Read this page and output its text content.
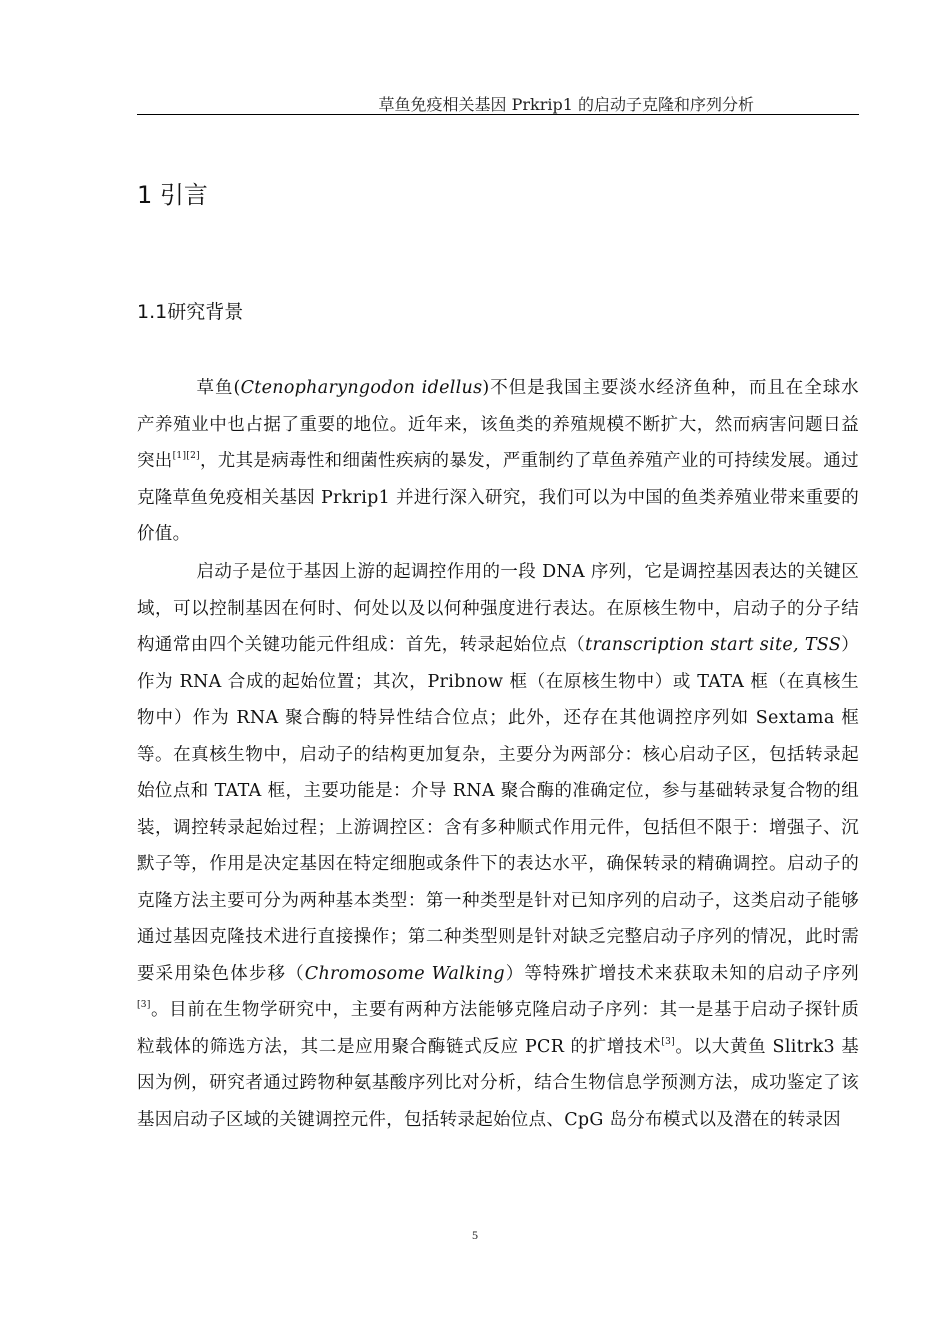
草鱼免疫相关基因 Prkrip1 的启动子克隆和序列分析
1 引言
1.1研究背景

草鱼(Ctenopharyngodon idellus)不但是我国主要淡水经济鱼种，而且在全球水产养殖业中也占据了重要的地位。近年来，该鱼类的养殖规模不断扩大，然而病害问题日益突出[1][2]，尤其是病毒性和细菌性疾病的暴发，严重制约了草鱼养殖产业的可持续发展。通过克隆草鱼免疫相关基因 Prkrip1 并进行深入研究，我们可以为中国的鱼类养殖业带来重要的价值。

启动子是位于基因上游的起调控作用的一段 DNA 序列，它是调控基因表达的关键区域，可以控制基因在何时、何处以及以何种强度进行表达。在原核生物中，启动子的分子结构通常由四个关键功能元件组成：首先，转录起始位点（transcription start site, TSS）作为 RNA 合成的起始位置；其次，Pribnow 框（在原核生物中）或 TATA 框（在真核生物中）作为 RNA 聚合酶的特异性结合位点；此外，还存在其他调控序列如 Sextama 框等。在真核生物中，启动子的结构更加复杂，主要分为两部分：核心启动子区，包括转录起始位点和 TATA 框，主要功能是：介导 RNA 聚合酶的准确定位，参与基础转录复合物的组装，调控转录起始过程；上游调控区：含有多种顺式作用元件，包括但不限于：增强子、沉默子等，作用是决定基因在特定细胞或条件下的表达水平，确保转录的精确调控。启动子的克隆方法主要可分为两种基本类型：第一种类型是针对已知序列的启动子，这类启动子能够通过基因克隆技术进行直接操作；第二种类型则是针对缺乏完整启动子序列的情况，此时需要采用染色体步移（Chromosome Walking）等特殊扩增技术来获取未知的启动子序列[3]。目前在生物学研究中，主要有两种方法能够克隆启动子序列：其一是基于启动子探针质粒载体的筛选方法，其二是应用聚合酶链式反应 PCR 的扩增技术[3]。以大黄鱼 Slitrk3 基因为例，研究者通过跨物种氨基酸序列比对分析，结合生物信息学预测方法，成功鉴定了该基因启动子区域的关键调控元件，包括转录起始位点、CpG 岛分布模式以及潜在的转录因

5
